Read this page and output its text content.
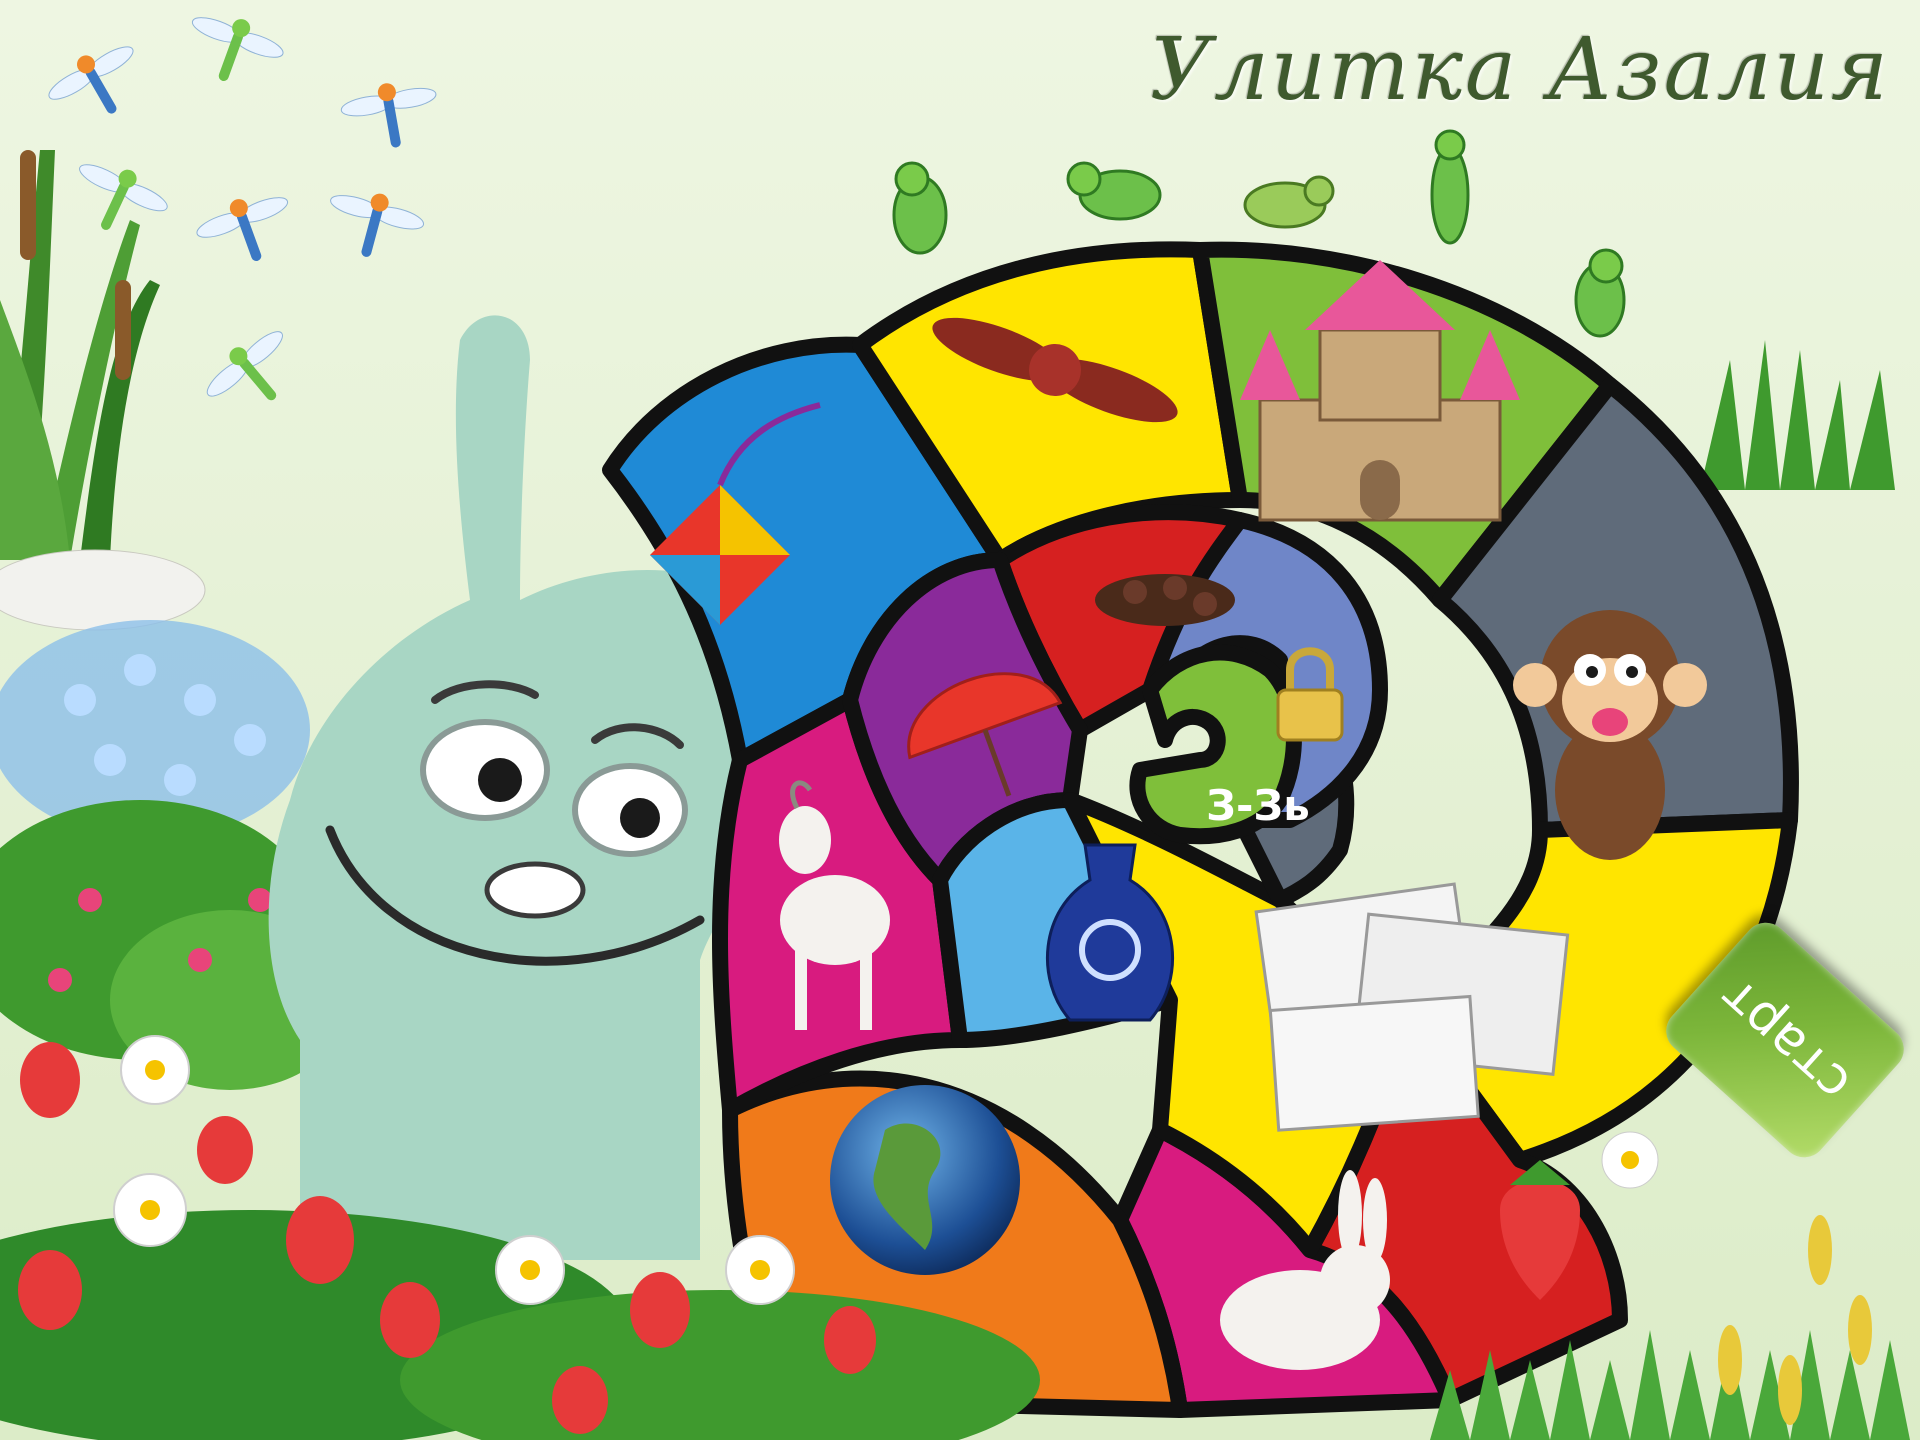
З-Зь
Улитка Азалия
старт
